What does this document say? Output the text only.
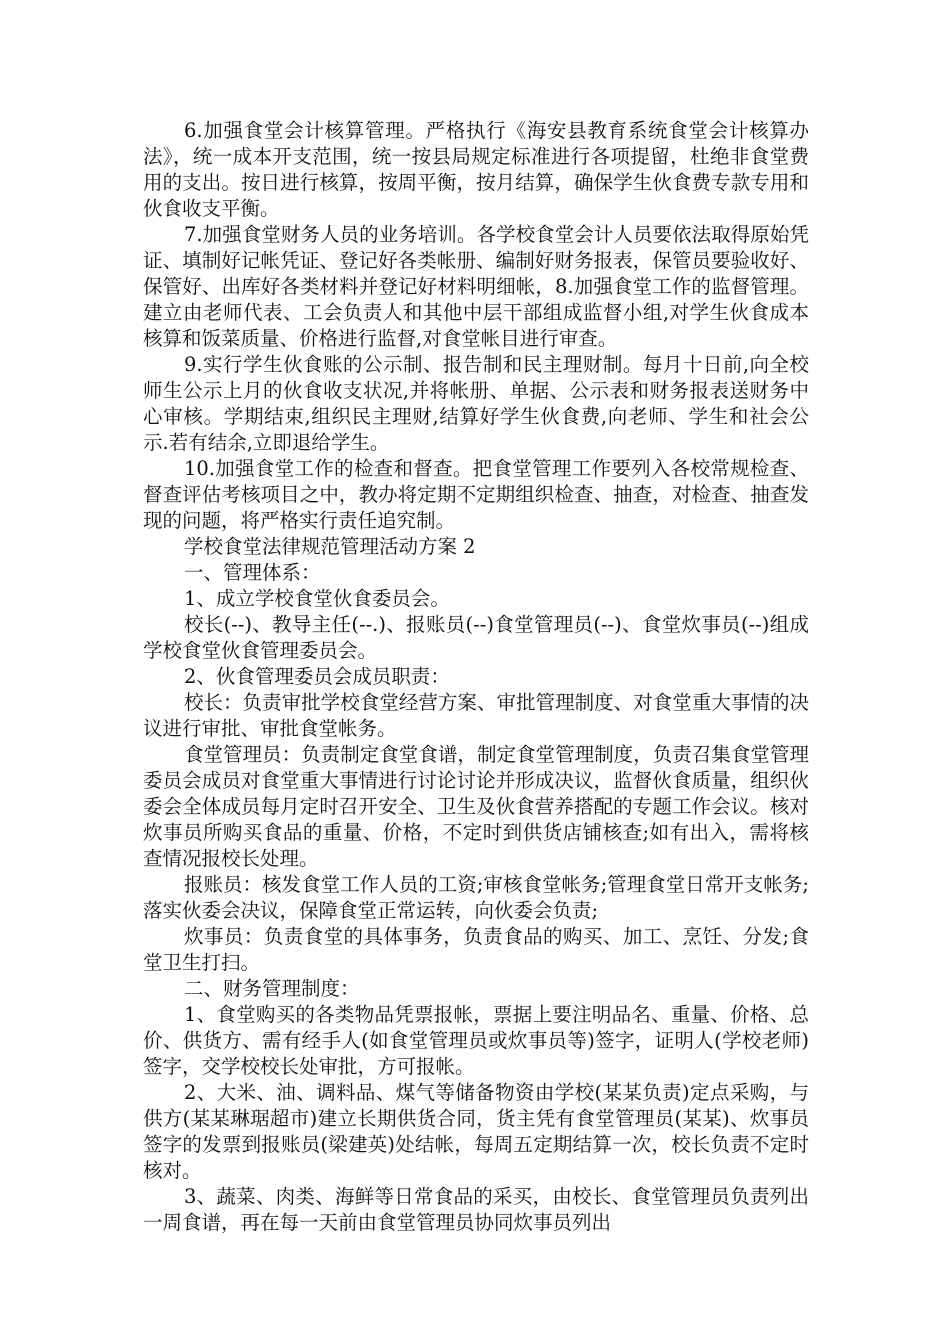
6.加强食堂会计核算管理。严格执行《海安县教育系统食堂会计核算办法》，统一成本开支范围，统一按县局规定标准进行各项提留，杜绝非食堂费用的支出。按日进行核算，按周平衡，按月结算，确保学生伙食费专款专用和伙食收支平衡。

7.加强食堂财务人员的业务培训。各学校食堂会计人员要依法取得原始凭证、填制好记帐凭证、登记好各类帐册、编制好财务报表，保管员要验收好、保管好、出库好各类材料并登记好材料明细帐，8.加强食堂工作的监督管理。建立由老师代表、工会负责人和其他中层干部组成监督小组,对学生伙食成本核算和饭菜质量、价格进行监督,对食堂帐目进行审查。

9.实行学生伙食账的公示制、报告制和民主理财制。每月十日前,向全校师生公示上月的伙食收支状况,并将帐册、单据、公示表和财务报表送财务中心审核。学期结束,组织民主理财,结算好学生伙食费,向老师、学生和社会公示.若有结余,立即退给学生。

10.加强食堂工作的检查和督查。把食堂管理工作要列入各校常规检查、督查评估考核项目之中，教办将定期不定期组织检查、抽查，对检查、抽查发现的问题，将严格实行责任追究制。

学校食堂法律规范管理活动方案 2

一、管理体系：

1、成立学校食堂伙食委员会。

校长(--)、教导主任(--.)、报账员(--)食堂管理员(--)、食堂炊事员(--)组成学校食堂伙食管理委员会。

2、伙食管理委员会成员职责：

校长：负责审批学校食堂经营方案、审批管理制度、对食堂重大事情的决议进行审批、审批食堂帐务。

食堂管理员：负责制定食堂食谱，制定食堂管理制度，负责召集食堂管理委员会成员对食堂重大事情进行讨论讨论并形成决议，监督伙食质量，组织伙委会全体成员每月定时召开安全、卫生及伙食营养搭配的专题工作会议。核对炊事员所购买食品的重量、价格，不定时到供货店铺核查;如有出入，需将核查情况报校长处理。

报账员：核发食堂工作人员的工资;审核食堂帐务;管理食堂日常开支帐务;落实伙委会决议，保障食堂正常运转，向伙委会负责;

炊事员：负责食堂的具体事务，负责食品的购买、加工、烹饪、分发;食堂卫生打扫。

二、财务管理制度：

1、食堂购买的各类物品凭票报帐，票据上要注明品名、重量、价格、总价、供货方、需有经手人(如食堂管理员或炊事员等)签字，证明人(学校老师)签字，交学校校长处审批，方可报帐。

2、大米、油、调料品、煤气等储备物资由学校(某某负责)定点采购，与供方(某某琳琚超市)建立长期供货合同，货主凭有食堂管理员(某某)、炊事员签字的发票到报账员(梁建英)处结帐，每周五定期结算一次，校长负责不定时核对。

3、蔬菜、肉类、海鲜等日常食品的采买，由校长、食堂管理员负责列出一周食谱，再在每一天前由食堂管理员协同炊事员列出
